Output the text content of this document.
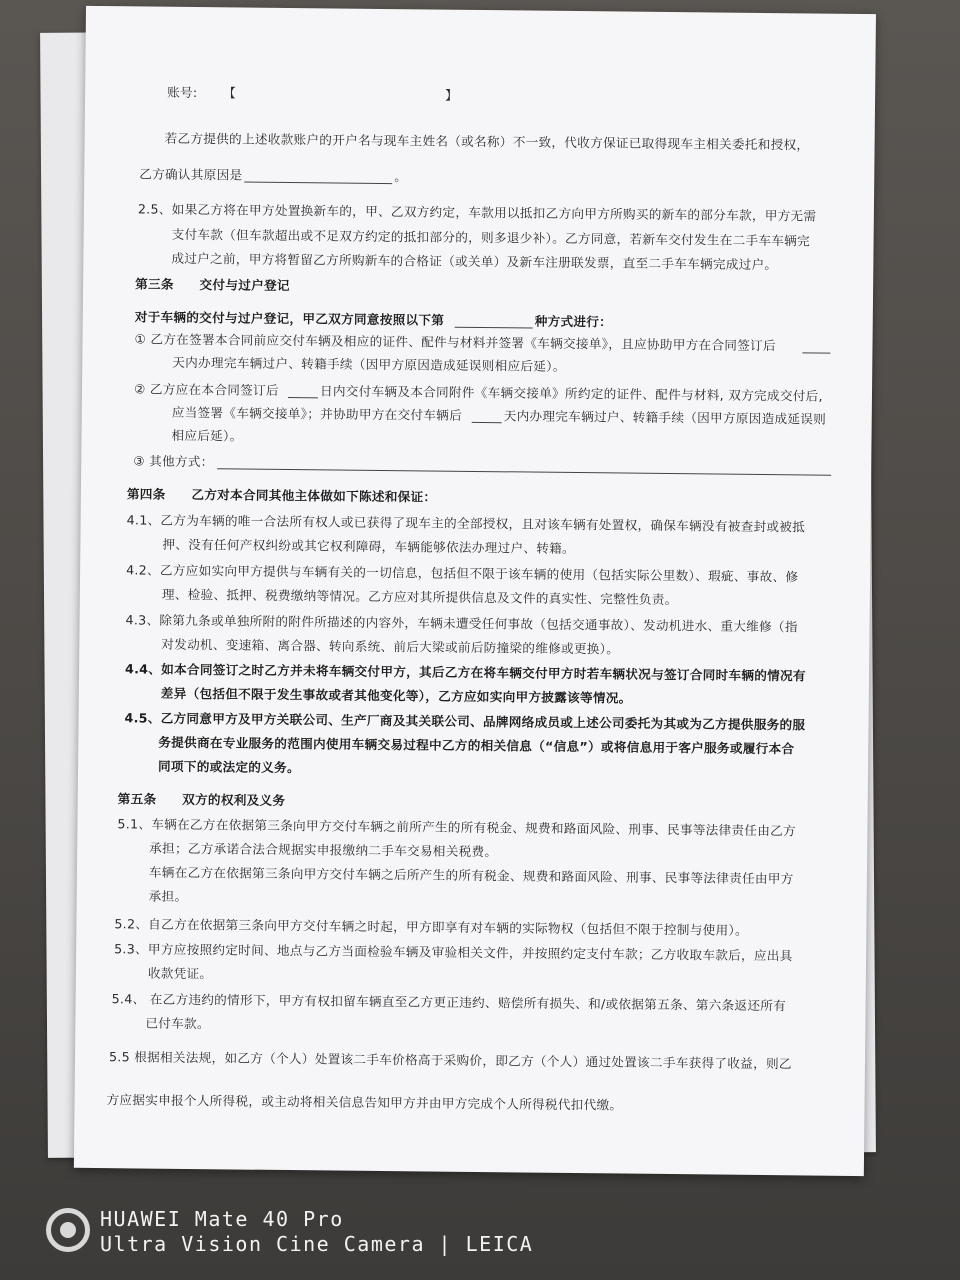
账号: 【	】
若乙方提供的上述收款账户的开户名与现车主姓名（或名称）不一致，代收方保证已取得现车主相关委托和授权，
乙方确认其原因是	。
2.5、如果乙方将在甲方处置换新车的，甲、乙双方约定，车款用以抵扣乙方向甲方所购买的新车的部分车款，甲方无需
支付车款（但车款超出或不足双方约定的抵扣部分的，则多退少补）。乙方同意，若新车交付发生在二手车车辆完
成过户之前，甲方将暂留乙方所购新车的合格证（或关单）及新车注册联发票，直至二手车车辆完成过户。
第三条　　交付与过户登记
对于车辆的交付与过户登记，甲乙双方同意按照以下第	种方式进行：
① 乙方在签署本合同前应交付车辆及相应的证件、配件与材料并签署《车辆交接单》，且应协助甲方在合同签订后
天内办理完车辆过户、转籍手续（因甲方原因造成延误则相应后延）。
② 乙方应在本合同签订后	日内交付车辆及本合同附件《车辆交接单》所约定的证件、配件与材料, 双方完成交付后,
应当签署《车辆交接单》；并协助甲方在交付车辆后	天内办理完车辆过户、转籍手续（因甲方原因造成延误则
相应后延）。
③ 其他方式：
第四条　　乙方对本合同其他主体做如下陈述和保证：
4.1、乙方为车辆的唯一合法所有权人或已获得了现车主的全部授权，且对该车辆有处置权，确保车辆没有被查封或被抵
押、没有任何产权纠纷或其它权利障碍，车辆能够依法办理过户、转籍。
4.2、乙方应如实向甲方提供与车辆有关的一切信息，包括但不限于该车辆的使用（包括实际公里数）、瑕疵、事故、修
理、检验、抵押、税费缴纳等情况。乙方应对其所提供信息及文件的真实性、完整性负责。
4.3、除第九条或单独所附的附件所描述的内容外，车辆未遭受任何事故（包括交通事故）、发动机进水、重大维修（指
对发动机、变速箱、离合器、转向系统、前后大梁或前后防撞梁的维修或更换）。
4.4、如本合同签订之时乙方并未将车辆交付甲方，其后乙方在将车辆交付甲方时若车辆状况与签订合同时车辆的情况有
差异（包括但不限于发生事故或者其他变化等），乙方应如实向甲方披露该等情况。
4.5、乙方同意甲方及甲方关联公司、生产厂商及其关联公司、品牌网络成员或上述公司委托为其或为乙方提供服务的服
务提供商在专业服务的范围内使用车辆交易过程中乙方的相关信息（“信息”）或将信息用于客户服务或履行本合
同项下的或法定的义务。
第五条　　双方的权利及义务
5.1、车辆在乙方在依据第三条向甲方交付车辆之前所产生的所有税金、规费和路面风险、刑事、民事等法律责任由乙方
承担；乙方承诺合法合规据实申报缴纳二手车交易相关税费。
车辆在乙方在依据第三条向甲方交付车辆之后所产生的所有税金、规费和路面风险、刑事、民事等法律责任由甲方
承担。
5.2、自乙方在依据第三条向甲方交付车辆之时起，甲方即享有对车辆的实际物权（包括但不限于控制与使用）。
5.3、甲方应按照约定时间、地点与乙方当面检验车辆及审验相关文件，并按照约定支付车款；乙方收取车款后，应出具
收款凭证。
5.4、 在乙方违约的情形下，甲方有权扣留车辆直至乙方更正违约、赔偿所有损失、和/或依据第五条、第六条返还所有
已付车款。
5.5 根据相关法规，如乙方（个人）处置该二手车价格高于采购价，即乙方（个人）通过处置该二手车获得了收益，则乙
方应据实申报个人所得税，或主动将相关信息告知甲方并由甲方完成个人所得税代扣代缴。
HUAWEI Mate 40 Pro
Ultra Vision Cine Camera | LEICA
